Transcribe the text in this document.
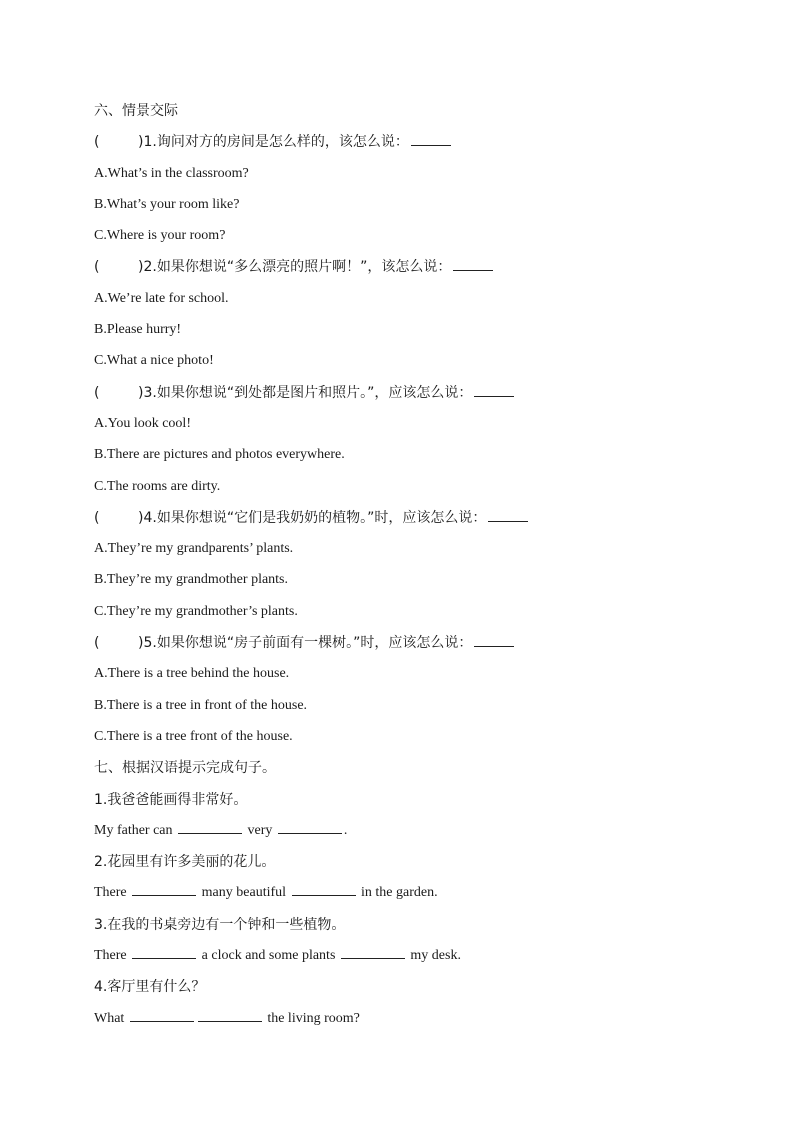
六、情景交际
(	)1.询问对方的房间是怎么样的，该怎么说：
A.What’s in the classroom?
B.What’s your room like?
C.Where is your room?
(	)2.如果你想说“多么漂亮的照片啊！”，该怎么说：
A.We’re late for school.
B.Please hurry!
C.What a nice photo!
(	)3.如果你想说“到处都是图片和照片。”，应该怎么说：
A.You look cool!
B.There are pictures and photos everywhere.
C.The rooms are dirty.
(	)4.如果你想说“它们是我奶奶的植物。”时，应该怎么说：
A.They’re my grandparents’ plants.
B.They’re my grandmother plants.
C.They’re my grandmother’s plants.
(	)5.如果你想说“房子前面有一棵树。”时，应该怎么说：
A.There is a tree behind the house.
B.There is a tree in front of the house.
C.There is a tree front of the house.
七、根据汉语提示完成句子。
1.我爸爸能画得非常好。
My father can	very	.
2.花园里有许多美丽的花儿。
There	many beautiful	in the garden.
3.在我的书桌旁边有一个钟和一些植物。
There	a clock and some plants	my desk.
4.客厅里有什么？
What	the living room?
